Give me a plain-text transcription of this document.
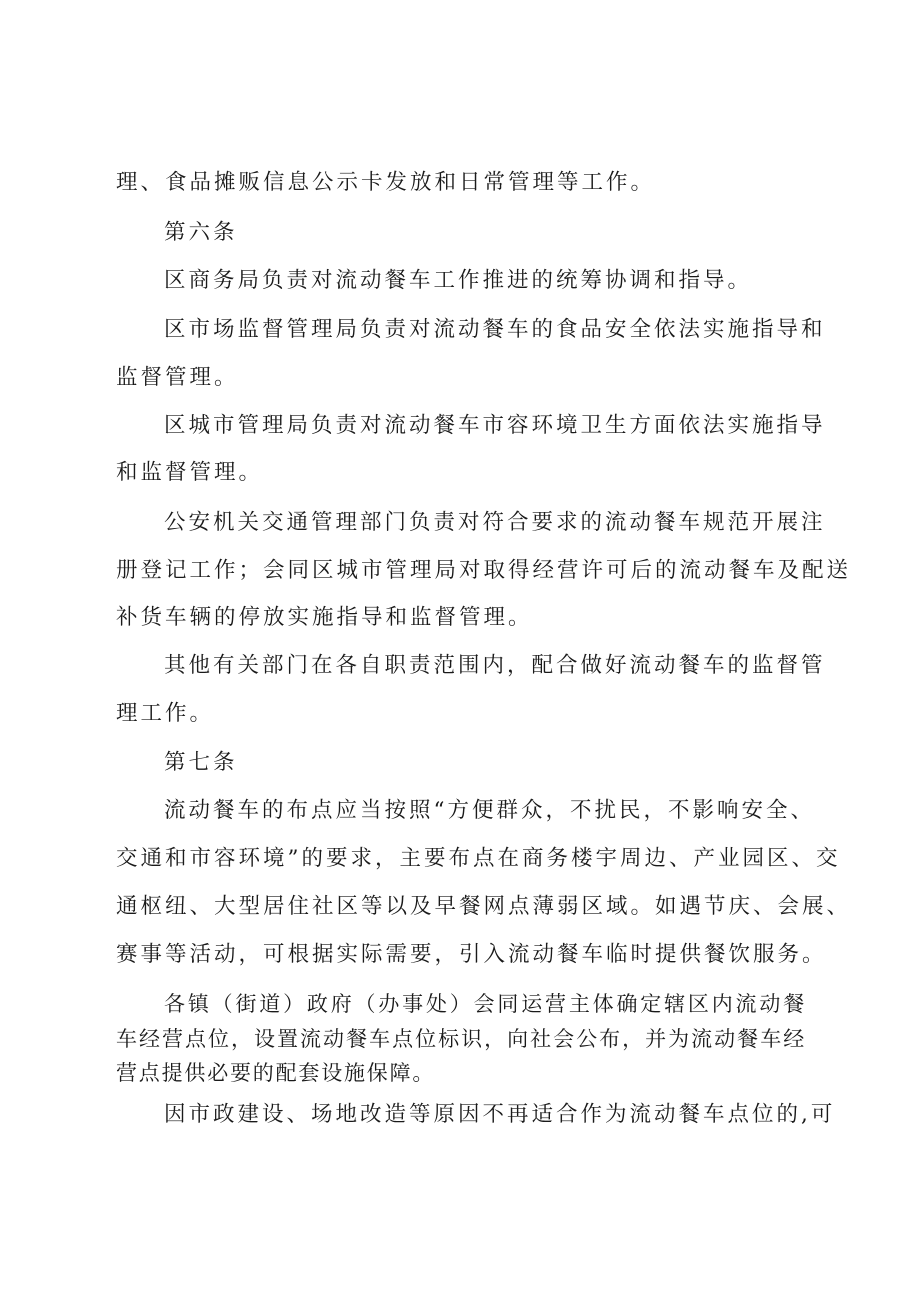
理、食品摊贩信息公示卡发放和日常管理等工作。
第六条
区商务局负责对流动餐车工作推进的统筹协调和指导。
区市场监督管理局负责对流动餐车的食品安全依法实施指导和
监督管理。
区城市管理局负责对流动餐车市容环境卫生方面依法实施指导
和监督管理。
公安机关交通管理部门负责对符合要求的流动餐车规范开展注
册登记工作；会同区城市管理局对取得经营许可后的流动餐车及配送
补货车辆的停放实施指导和监督管理。
其他有关部门在各自职责范围内，配合做好流动餐车的监督管
理工作。
第七条
流动餐车的布点应当按照“方便群众，不扰民，不影响安全、
交通和市容环境”的要求，主要布点在商务楼宇周边、产业园区、交
通枢纽、大型居住社区等以及早餐网点薄弱区域。如遇节庆、会展、
赛事等活动，可根据实际需要，引入流动餐车临时提供餐饮服务。
各镇（街道）政府（办事处）会同运营主体确定辖区内流动餐
车经营点位，设置流动餐车点位标识，向社会公布，并为流动餐车经
营点提供必要的配套设施保障。
因市政建设、场地改造等原因不再适合作为流动餐车点位的,可
